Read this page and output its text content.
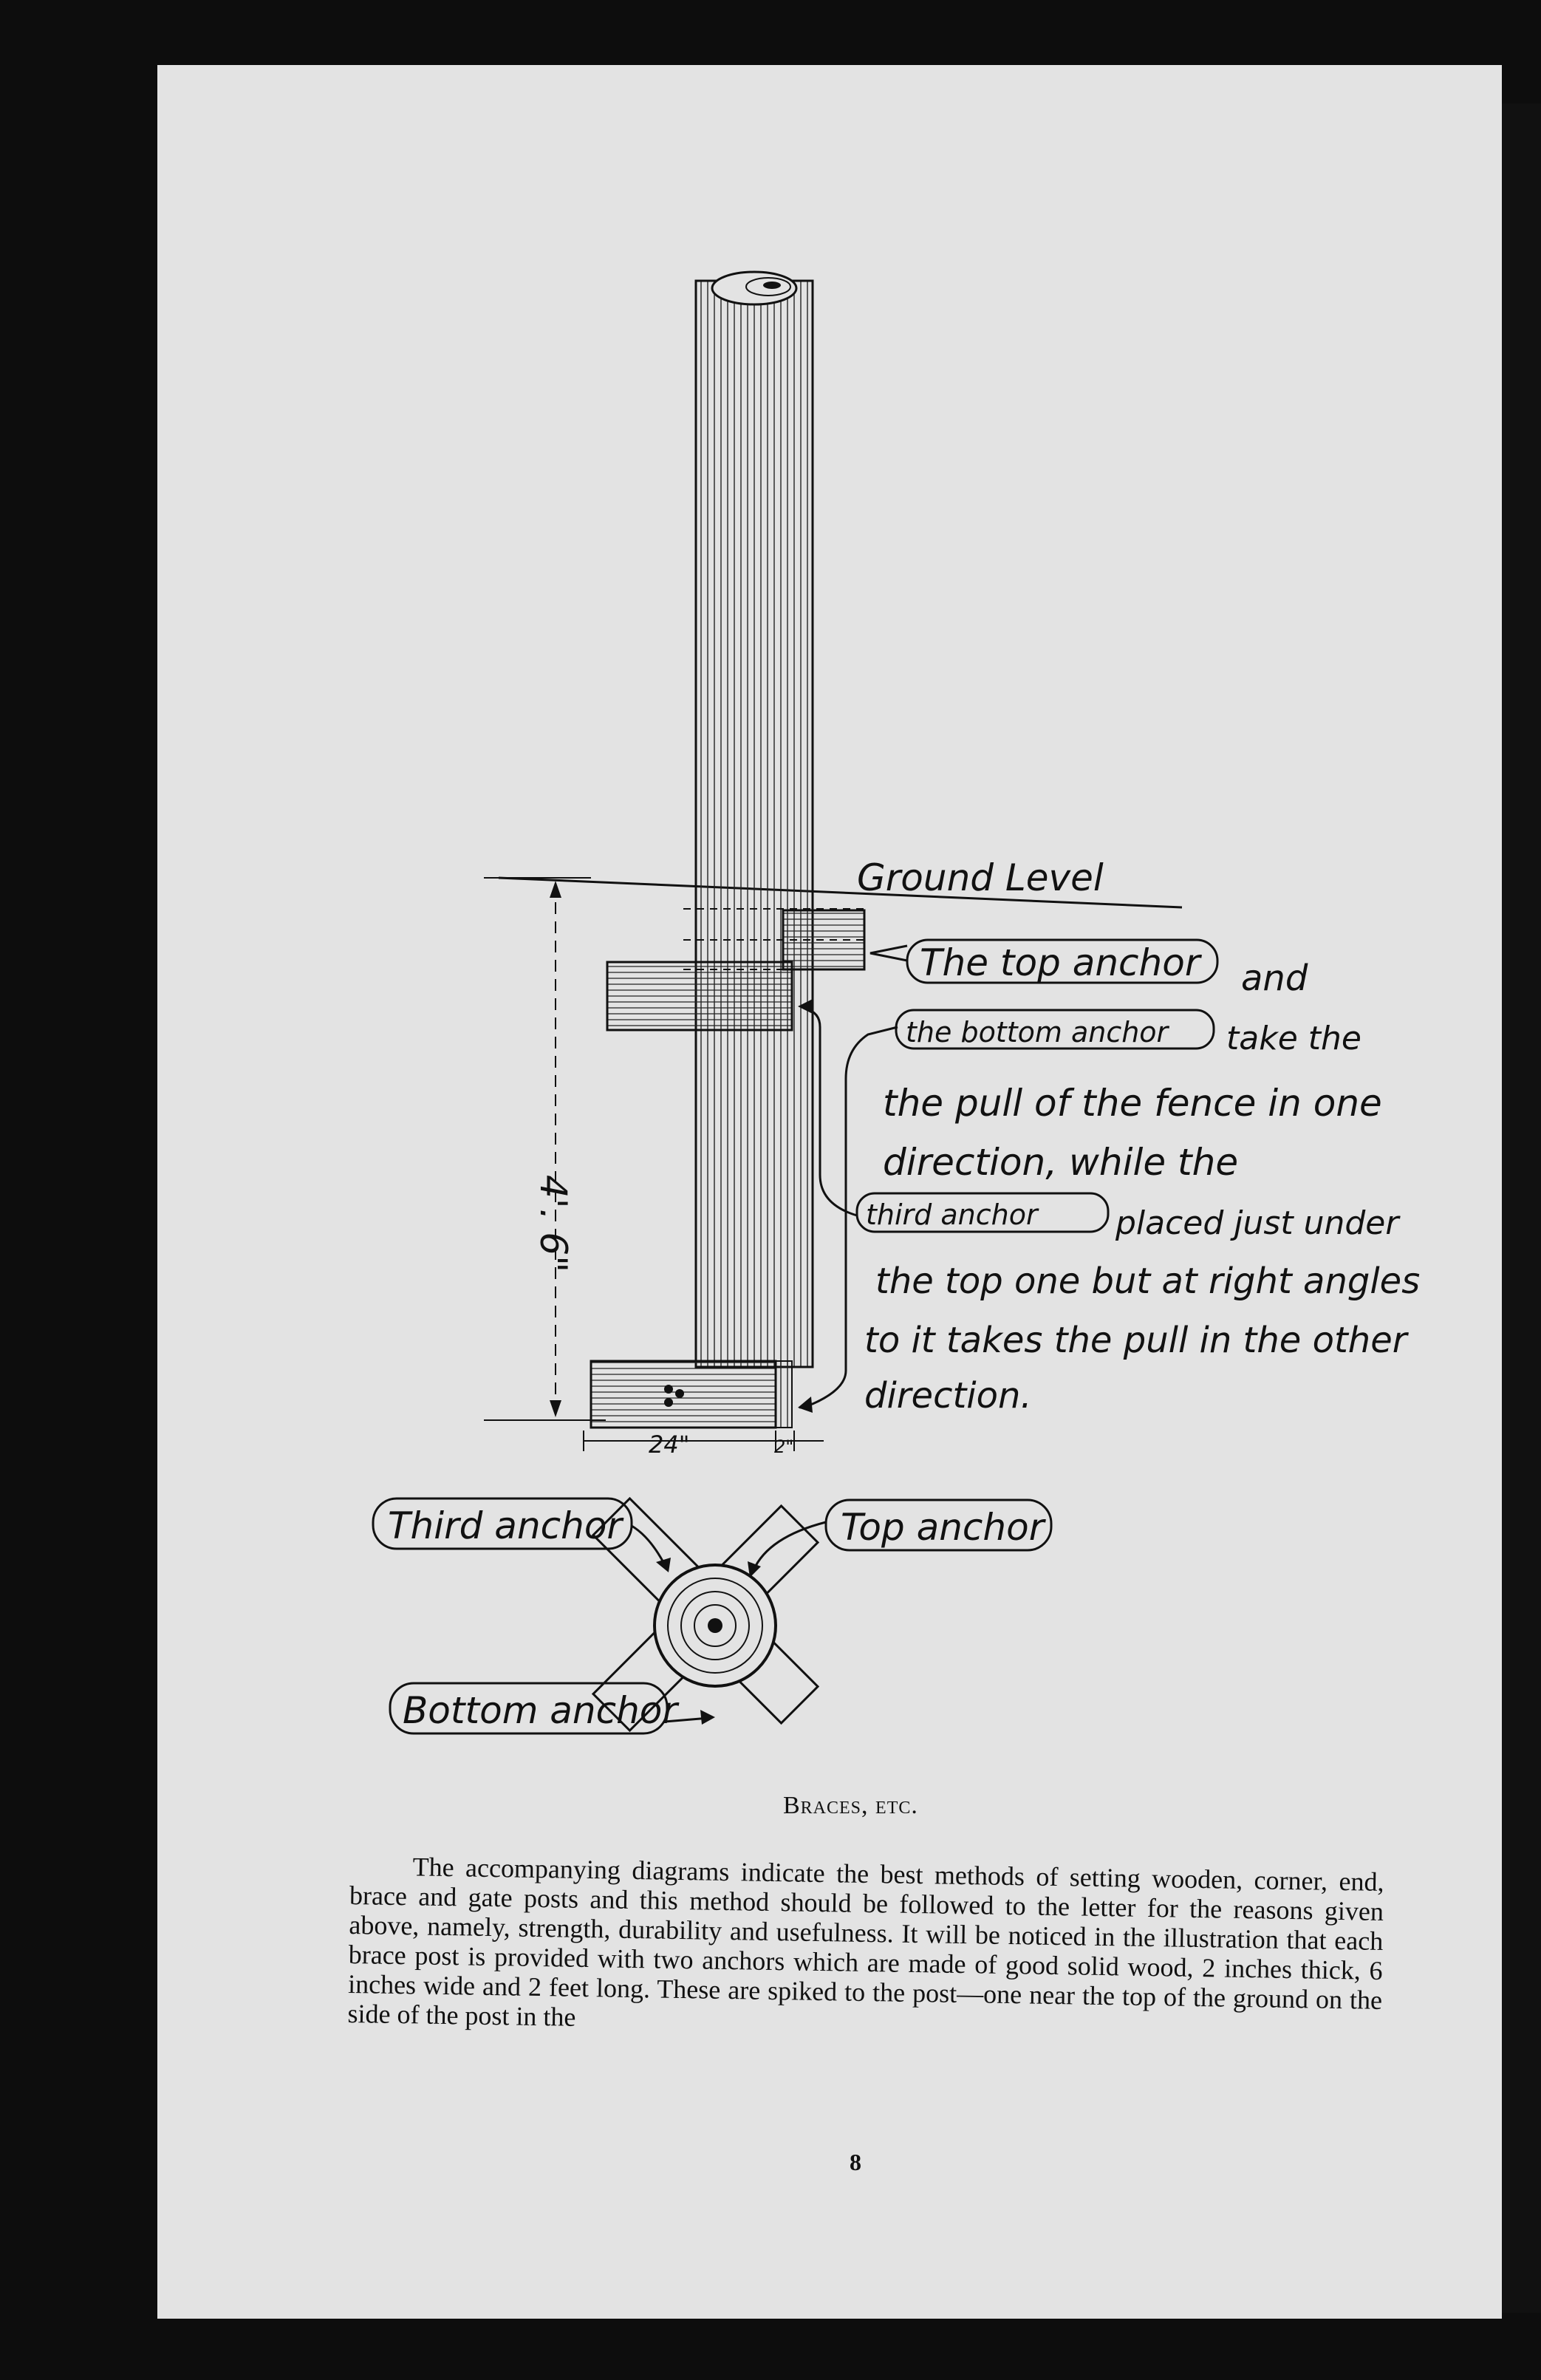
Ground Level
4'. 6"
24"	2"
The top anchor and
the bottom anchor take the
the pull of the fence in one
direction, while the
third anchor placed just under
the top one but at right angles
to it takes the pull in the other
direction.
Third anchor	Top anchor
Bottom anchor
Braces, etc.
The accompanying diagrams indicate the best methods of setting wooden, corner, end, brace and gate posts and this method should be followed to the letter for the reasons given above, namely, strength, durability and usefulness. It will be noticed in the illustration that each brace post is provided with two anchors which are made of good solid wood, 2 inches thick, 6 inches wide and 2 feet long. These are spiked to the post—one near the top of the ground on the side of the post in the
8
